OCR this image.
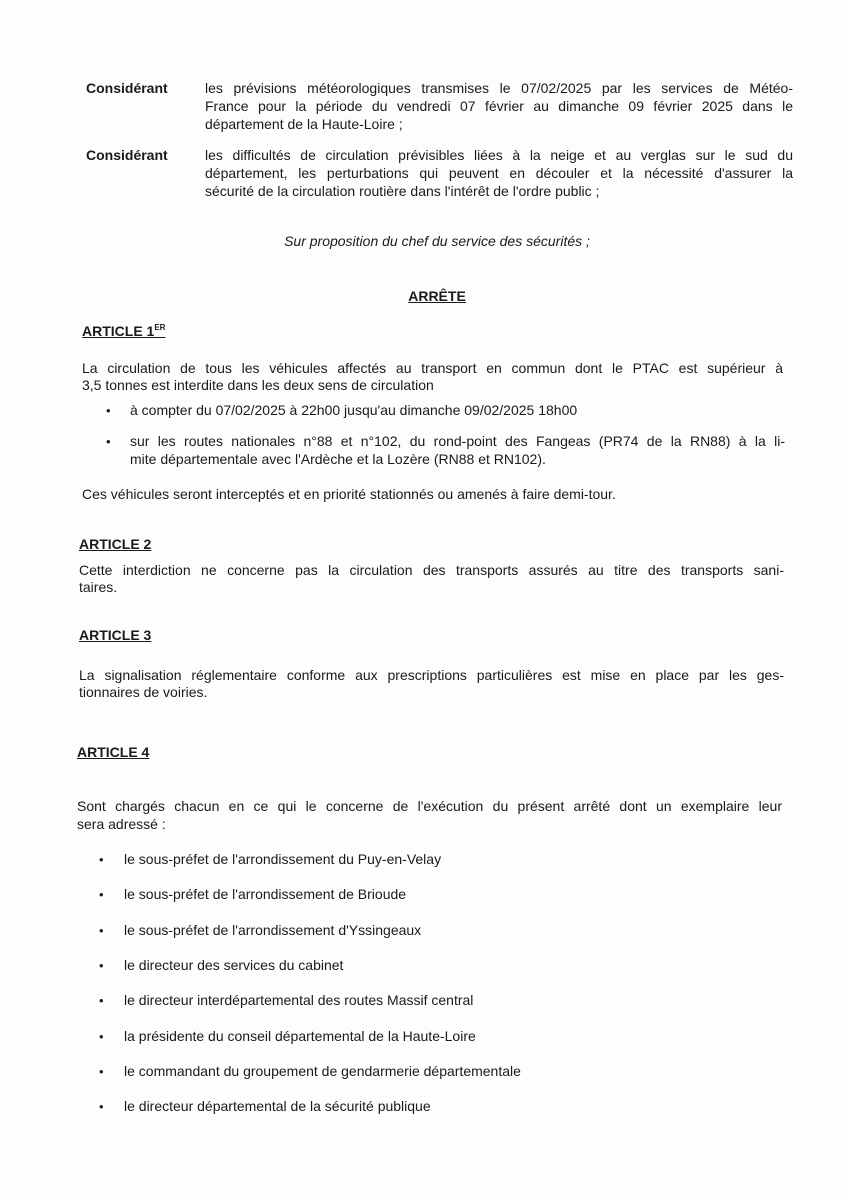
Considérant	les prévisions météorologiques transmises le 07/02/2025 par les services de Météo-
France pour la période du vendredi 07 février au dimanche 09 février 2025 dans le
département de la Haute-Loire ;
Considérant	les difficultés de circulation prévisibles liées à la neige et au verglas sur le sud du
département, les perturbations qui peuvent en découler et la nécessité d'assurer la
sécurité de la circulation routière dans l'intérêt de l'ordre public ;
Sur proposition du chef du service des sécurités ;
ARRÊTE
ARTICLE 1ER
La circulation de tous les véhicules affectés au transport en commun dont le PTAC est supérieur à
3,5 tonnes est interdite dans les deux sens de circulation
• à compter du 07/02/2025 à 22h00 jusqu'au dimanche 09/02/2025 18h00
• sur les routes nationales n°88 et n°102, du rond-point des Fangeas (PR74 de la RN88) à la li-
mite départementale avec l'Ardèche et la Lozère (RN88 et RN102).
Ces véhicules seront interceptés et en priorité stationnés ou amenés à faire demi-tour.
ARTICLE 2
Cette interdiction ne concerne pas la circulation des transports assurés au titre des transports sani-
taires.
ARTICLE 3
La signalisation réglementaire conforme aux prescriptions particulières est mise en place par les ges-
tionnaires de voiries.
ARTICLE 4
Sont chargés chacun en ce qui le concerne de l'exécution du présent arrêté dont un exemplaire leur
sera adressé :
• le sous-préfet de l'arrondissement du Puy-en-Velay
• le sous-préfet de l'arrondissement de Brioude
• le sous-préfet de l'arrondissement d'Yssingeaux
• le directeur des services du cabinet
• le directeur interdépartemental des routes Massif central
• la présidente du conseil départemental de la Haute-Loire
• le commandant du groupement de gendarmerie départementale
• le directeur départemental de la sécurité publique
